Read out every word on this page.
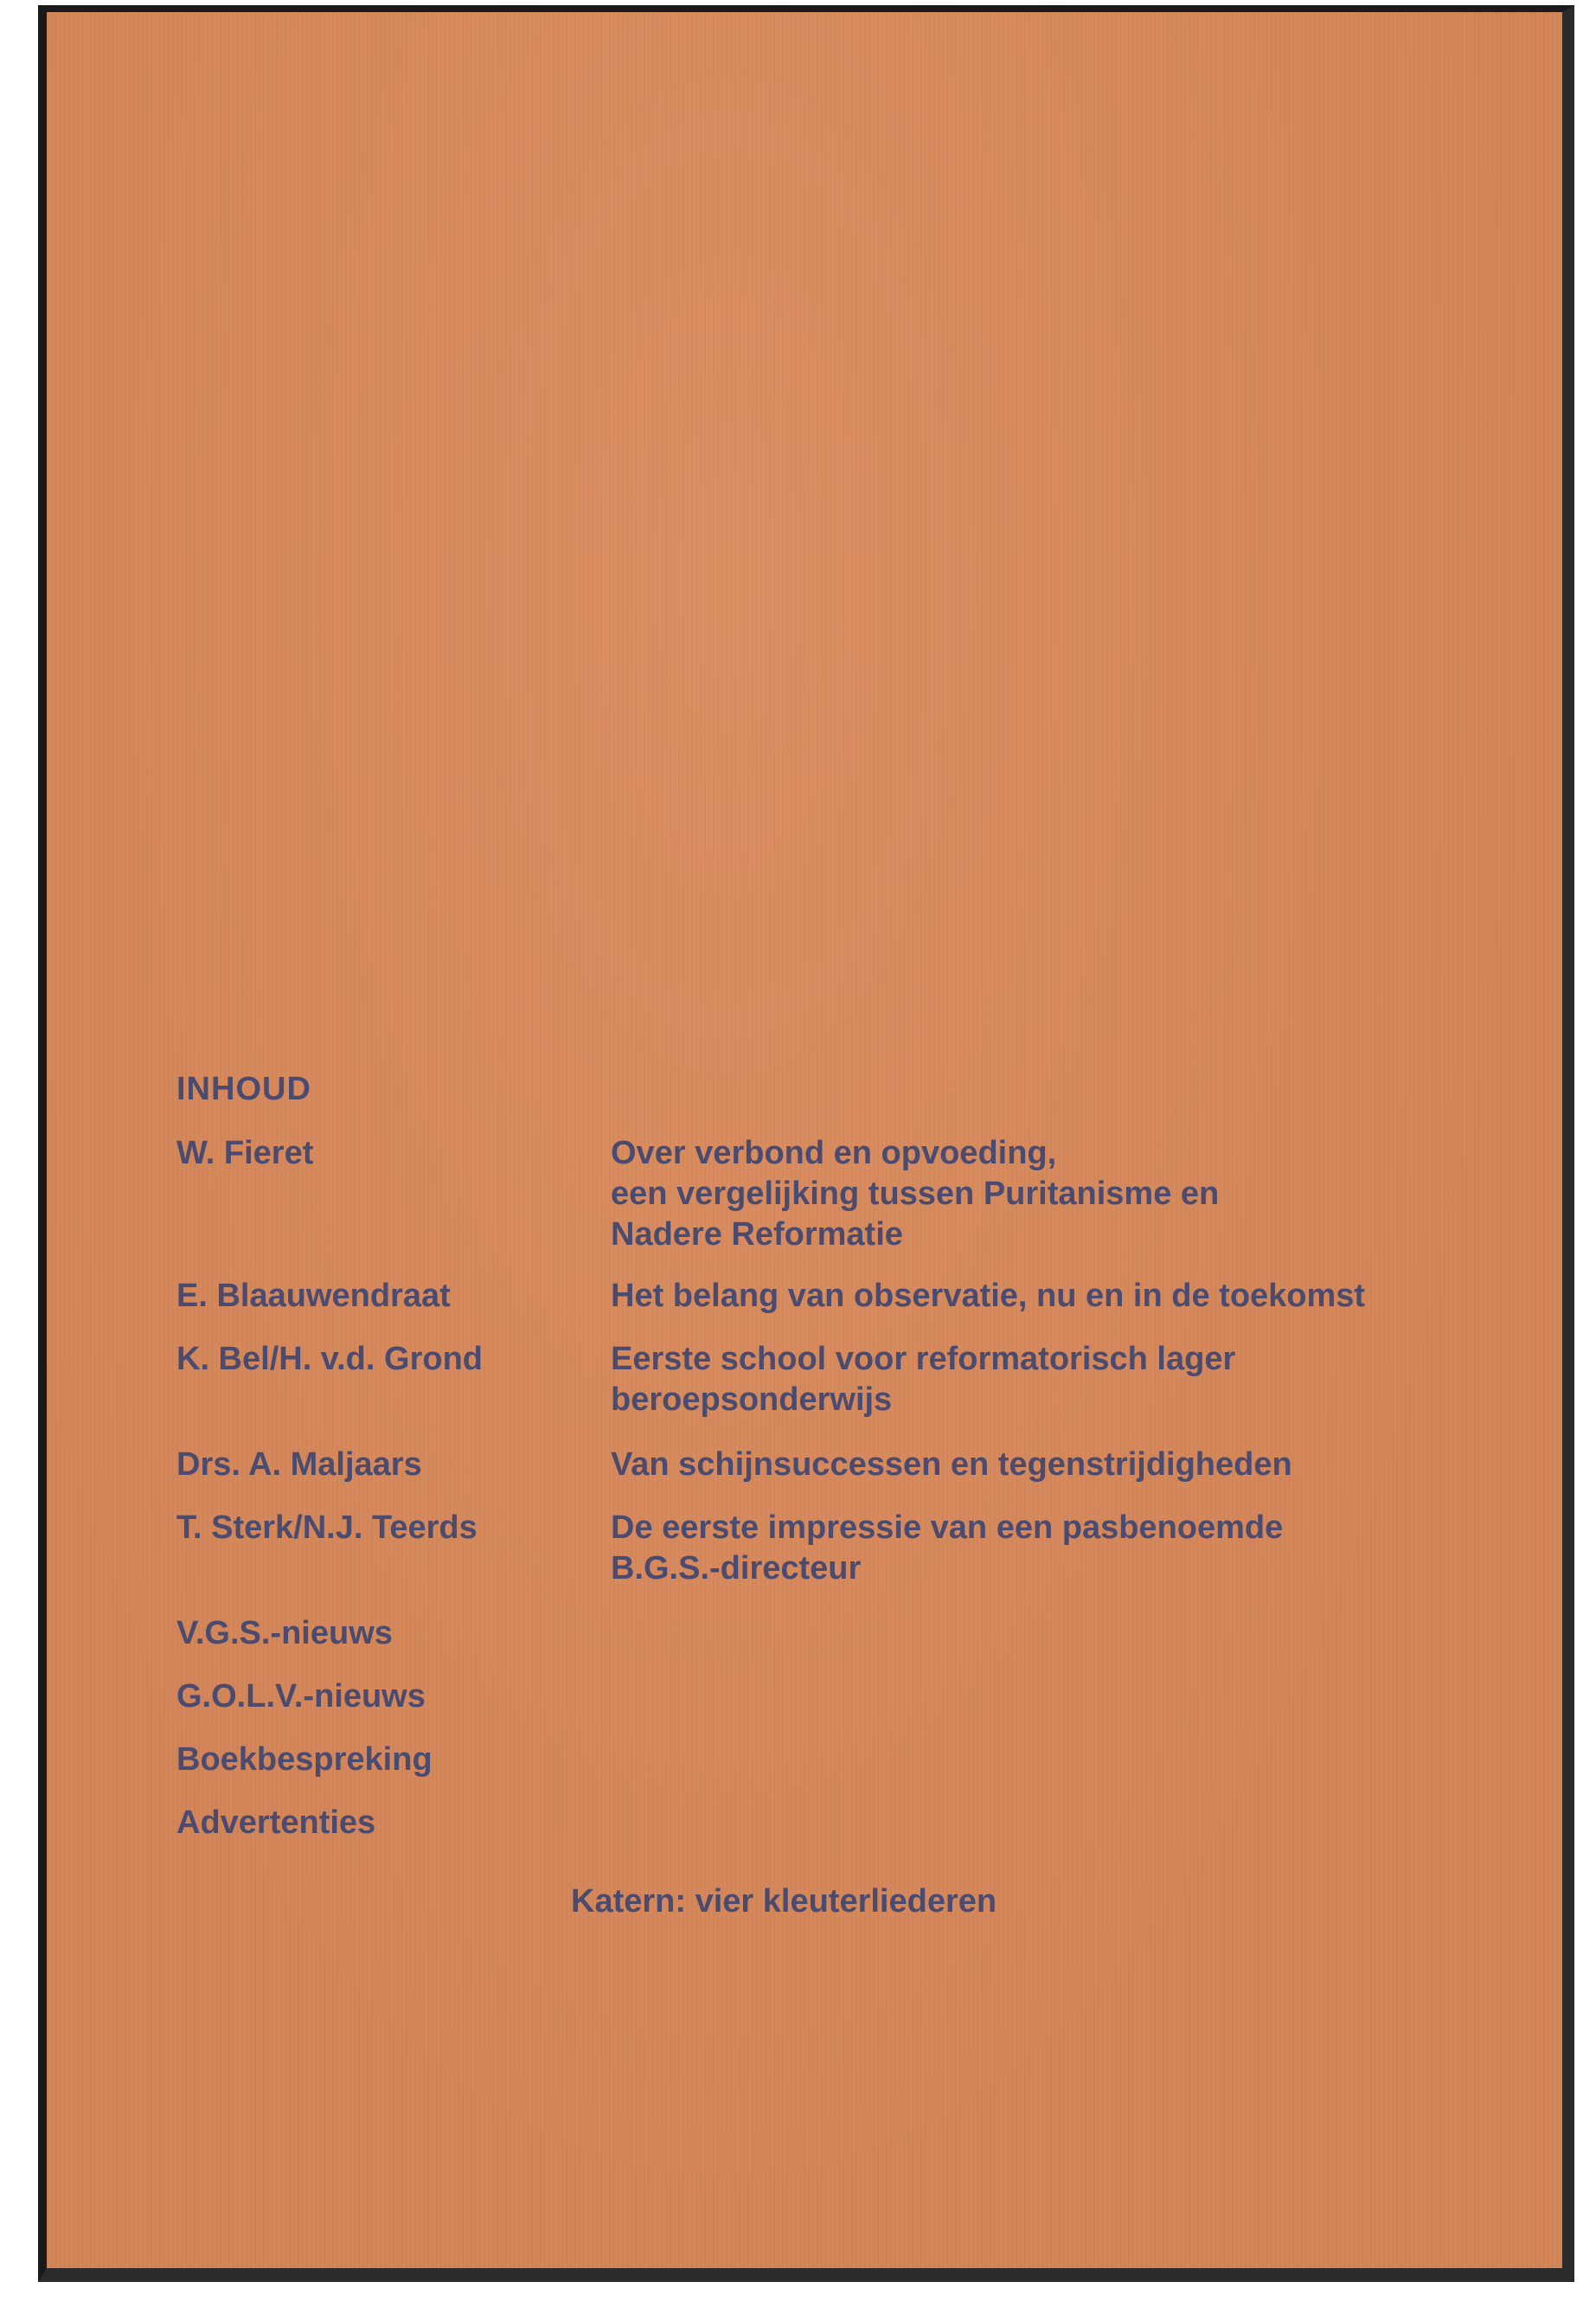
INHOUD
W. Fieret	Over verbond en opvoeding,
een vergelijking tussen Puritanisme en
Nadere Reformatie
E. Blaauwendraat	Het belang van observatie, nu en in de toekomst
K. Bel/H. v.d. Grond	Eerste school voor reformatorisch lager
beroepsonderwijs
Drs. A. Maljaars	Van schijnsuccessen en tegenstrijdigheden
T. Sterk/N.J. Teerds	De eerste impressie van een pasbenoemde
B.G.S.-directeur
V.G.S.-nieuws
G.O.L.V.-nieuws
Boekbespreking
Advertenties
Katern: vier kleuterliederen
